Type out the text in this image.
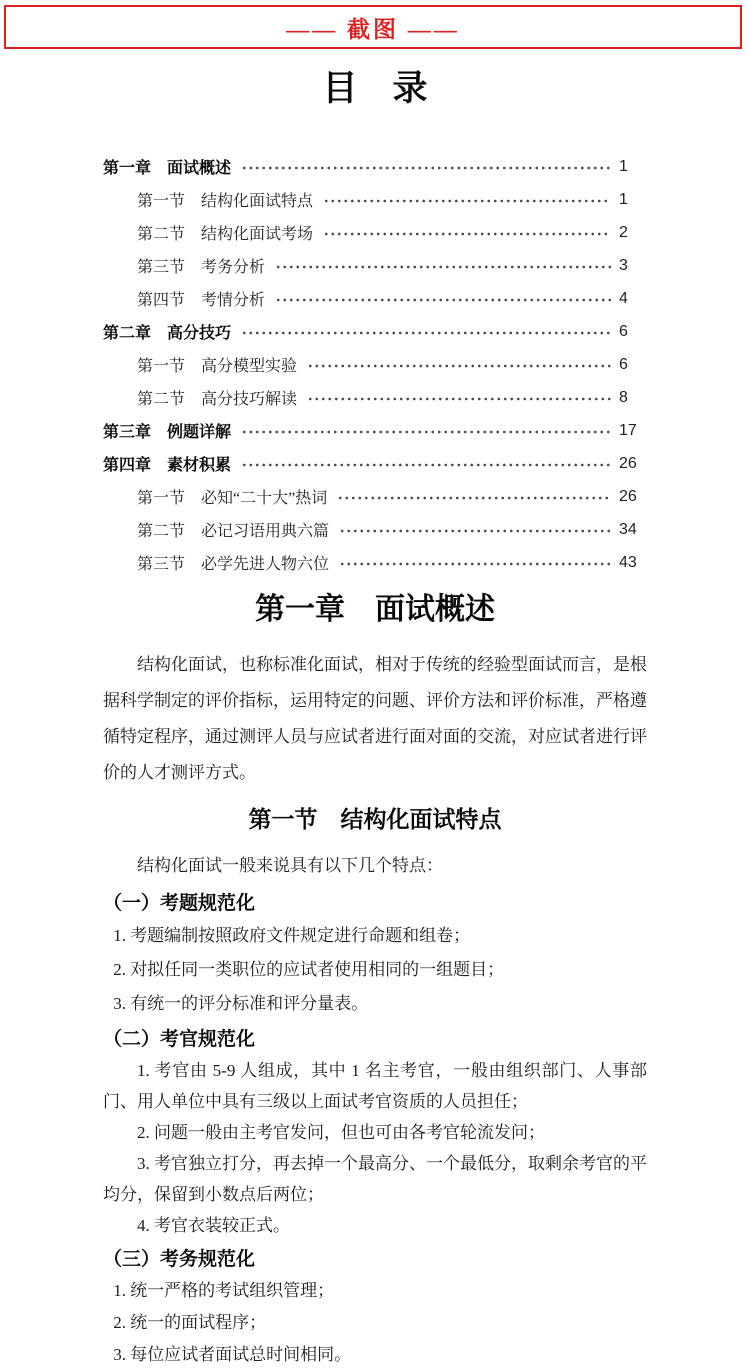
—— 截图 ——
目　录
第一章　面试概述	1
第一节　结构化面试特点	1
第二节　结构化面试考场	2
第三节　考务分析	3
第四节　考情分析	4
第二章　高分技巧	6
第一节　高分模型实验	6
第二节　高分技巧解读	8
第三章　例题详解	17
第四章　素材积累	26
第一节　必知“二十大”热词	26
第二节　必记习语用典六篇	34
第三节　必学先进人物六位	43
第一章　面试概述

结构化面试，也称标准化面试，相对于传统的经验型面试而言，是根据科学制定的评价指标，运用特定的问题、评价方法和评价标准，严格遵循特定程序，通过测评人员与应试者进行面对面的交流，对应试者进行评价的人才测评方式。

第一节　结构化面试特点

结构化面试一般来说具有以下几个特点：

（一）考题规范化

1. 考题编制按照政府文件规定进行命题和组卷；

2. 对拟任同一类职位的应试者使用相同的一组题目；

3. 有统一的评分标准和评分量表。

（二）考官规范化

1. 考官由 5-9 人组成，其中 1 名主考官，一般由组织部门、人事部门、用人单位中具有三级以上面试考官资质的人员担任；

2. 问题一般由主考官发问，但也可由各考官轮流发问；

3. 考官独立打分，再去掉一个最高分、一个最低分，取剩余考官的平均分，保留到小数点后两位；

4. 考官衣装较正式。

（三）考务规范化

1. 统一严格的考试组织管理；

2. 统一的面试程序；

3. 每位应试者面试总时间相同。
